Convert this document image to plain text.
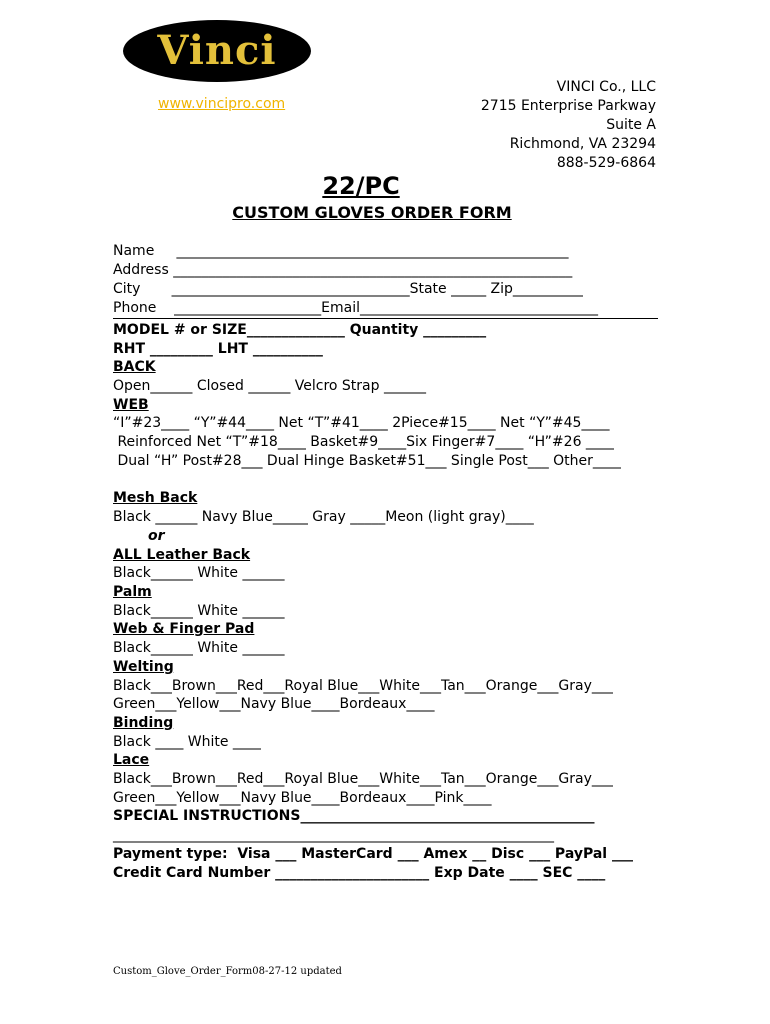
Vinci
www.vincipro.com
VINCI Co., LLC
2715 Enterprise Parkway
Suite A
Richmond, VA 23294
888-529-6864
22/PC
CUSTOM GLOVES ORDER FORM
Name     ________________________________________________________
Address _________________________________________________________
City       __________________________________State _____ Zip__________
Phone    _____________________Email__________________________________
MODEL # or SIZE______________ Quantity _________
RHT _________ LHT __________
BACK
Open______ Closed ______ Velcro Strap ______
WEB
“I”#23____ “Y”#44____ Net “T”#41____ 2Piece#15____ Net “Y”#45____
Reinforced Net “T”#18____ Basket#9____Six Finger#7____ “H”#26 ____
Dual “H” Post#28___ Dual Hinge Basket#51___ Single Post___ Other____
Mesh Back
Black ______ Navy Blue_____ Gray _____Meon (light gray)____
or
ALL Leather Back
Black______ White ______
Palm
Black______ White ______
Web & Finger Pad
Black______ White ______
Welting
Black___Brown___Red___Royal Blue___White___Tan___Orange___Gray___
Green___Yellow___Navy Blue____Bordeaux____
Binding
Black ____ White ____
Lace
Black___Brown___Red___Royal Blue___White___Tan___Orange___Gray___
Green___Yellow___Navy Blue____Bordeaux____Pink____
SPECIAL INSTRUCTIONS__________________________________________
_______________________________________________________________
Payment type:  Visa ___ MasterCard ___ Amex __ Disc ___ PayPal ___
Credit Card Number ______________________ Exp Date ____ SEC ____
Custom_Glove_Order_Form08-27-12 updated
